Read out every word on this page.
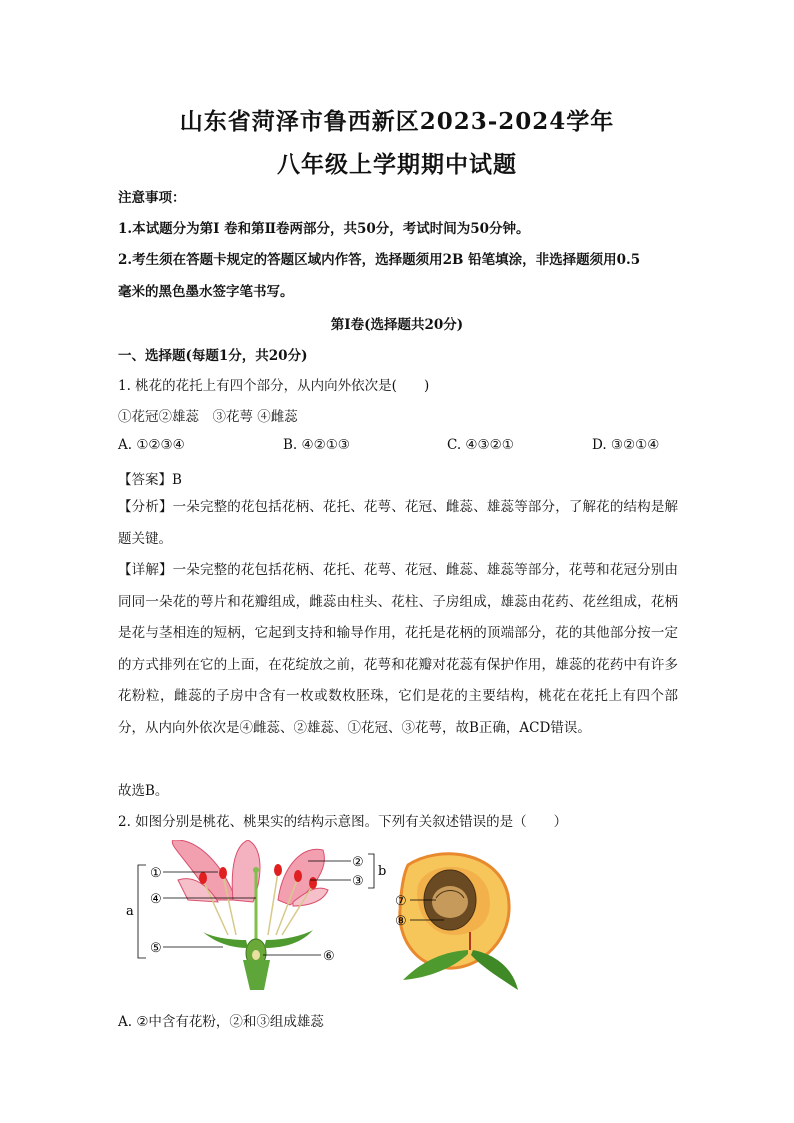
山东省菏泽市鲁西新区2023-2024学年
八年级上学期期中试题
注意事项：
1.本试题分为第Ⅰ 卷和第Ⅱ卷两部分，共50分，考试时间为50分钟。
2.考生须在答题卡规定的答题区域内作答，选择题须用2B 铅笔填涂，非选择题须用0.5
毫米的黑色墨水签字笔书写。
第Ⅰ卷(选择题共20分)
一、选择题(每题1分，共20分)
1. 桃花的花托上有四个部分，从内向外依次是(　　)
①花冠②雄蕊　③花萼 ④雌蕊
A. ①②③④	B. ④②①③	C. ④③②①	D. ③②①④
【答案】B
【分析】一朵完整的花包括花柄、花托、花萼、花冠、雌蕊、雄蕊等部分，了解花的结构是解题关键。
【详解】一朵完整的花包括花柄、花托、花萼、花冠、雌蕊、雄蕊等部分，花萼和花冠分别由同同一朵花的萼片和花瓣组成，雌蕊由柱头、花柱、子房组成，雄蕊由花药、花丝组成，花柄是花与茎相连的短柄，它起到支持和输导作用，花托是花柄的顶端部分，花的其他部分按一定的方式排列在它的上面，在花绽放之前，花萼和花瓣对花蕊有保护作用，雄蕊的花药中有许多花粉粒，雌蕊的子房中含有一枚或数枚胚珠，它们是花的主要结构，桃花在花托上有四个部分，从内向外依次是④雌蕊、②雄蕊、①花冠、③花萼，故B正确，ACD错误。
故选B。
2. 如图分别是桃花、桃果实的结构示意图。下列有关叙述错误的是（　　）
①
④
⑤
⑥
②
③
a
b
⑦
⑧
A. ②中含有花粉，②和③组成雄蕊
